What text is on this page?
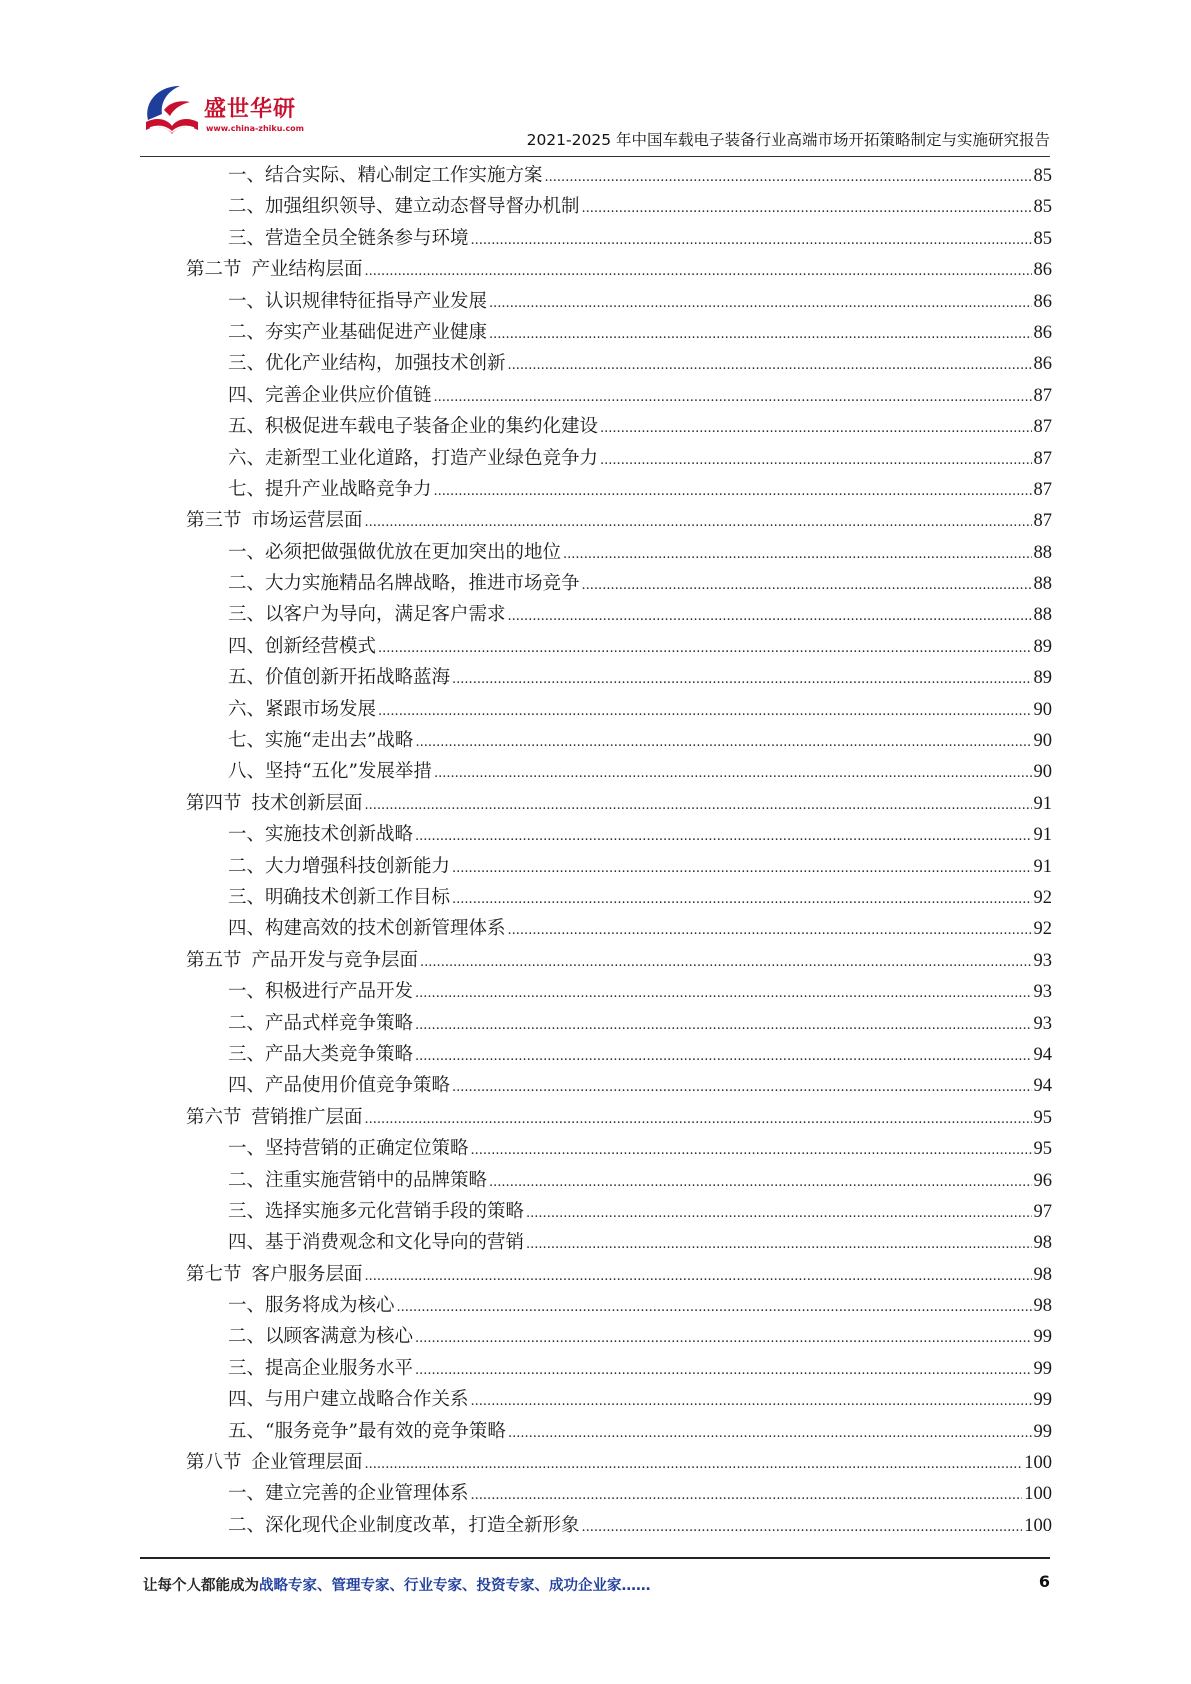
盛世华研
www.china-zhiku.com
2021-2025 年中国车载电子装备行业高端市场开拓策略制定与实施研究报告
一、结合实际、精心制定工作实施方案 .....	85
二、加强组织领导、建立动态督导督办机制 .....	85
三、营造全员全链条参与环境 .....	85
第二节 产业结构层面 .....	86
一、认识规律特征指导产业发展 .....	86
二、夯实产业基础促进产业健康 .....	86
三、优化产业结构，加强技术创新 .....	86
四、完善企业供应价值链 .....	87
五、积极促进车载电子装备企业的集约化建设 .....	87
六、走新型工业化道路，打造产业绿色竞争力 .....	87
七、提升产业战略竞争力 .....	87
第三节 市场运营层面 .....	87
一、必须把做强做优放在更加突出的地位 .....	88
二、大力实施精品名牌战略，推进市场竞争 .....	88
三、以客户为导向，满足客户需求 .....	88
四、创新经营模式 .....	89
五、价值创新开拓战略蓝海 .....	89
六、紧跟市场发展 .....	90
七、实施“走出去”战略 .....	90
八、坚持“五化”发展举措 .....	90
第四节 技术创新层面 .....	91
一、实施技术创新战略 .....	91
二、大力增强科技创新能力 .....	91
三、明确技术创新工作目标 .....	92
四、构建高效的技术创新管理体系 .....	92
第五节 产品开发与竞争层面 .....	93
一、积极进行产品开发 .....	93
二、产品式样竞争策略 .....	93
三、产品大类竞争策略 .....	94
四、产品使用价值竞争策略 .....	94
第六节 营销推广层面 .....	95
一、坚持营销的正确定位策略 .....	95
二、注重实施营销中的品牌策略 .....	96
三、选择实施多元化营销手段的策略 .....	97
四、基于消费观念和文化导向的营销 .....	98
第七节 客户服务层面 .....	98
一、服务将成为核心 .....	98
二、以顾客满意为核心 .....	99
三、提高企业服务水平 .....	99
四、与用户建立战略合作关系 .....	99
五、“服务竞争”最有效的竞争策略 .....	99
第八节 企业管理层面 .....	100
一、建立完善的企业管理体系 .....	100
二、深化现代企业制度改革，打造全新形象 .....	100
让每个人都能成为战略专家、管理专家、行业专家、投资专家、成功企业家……	6
